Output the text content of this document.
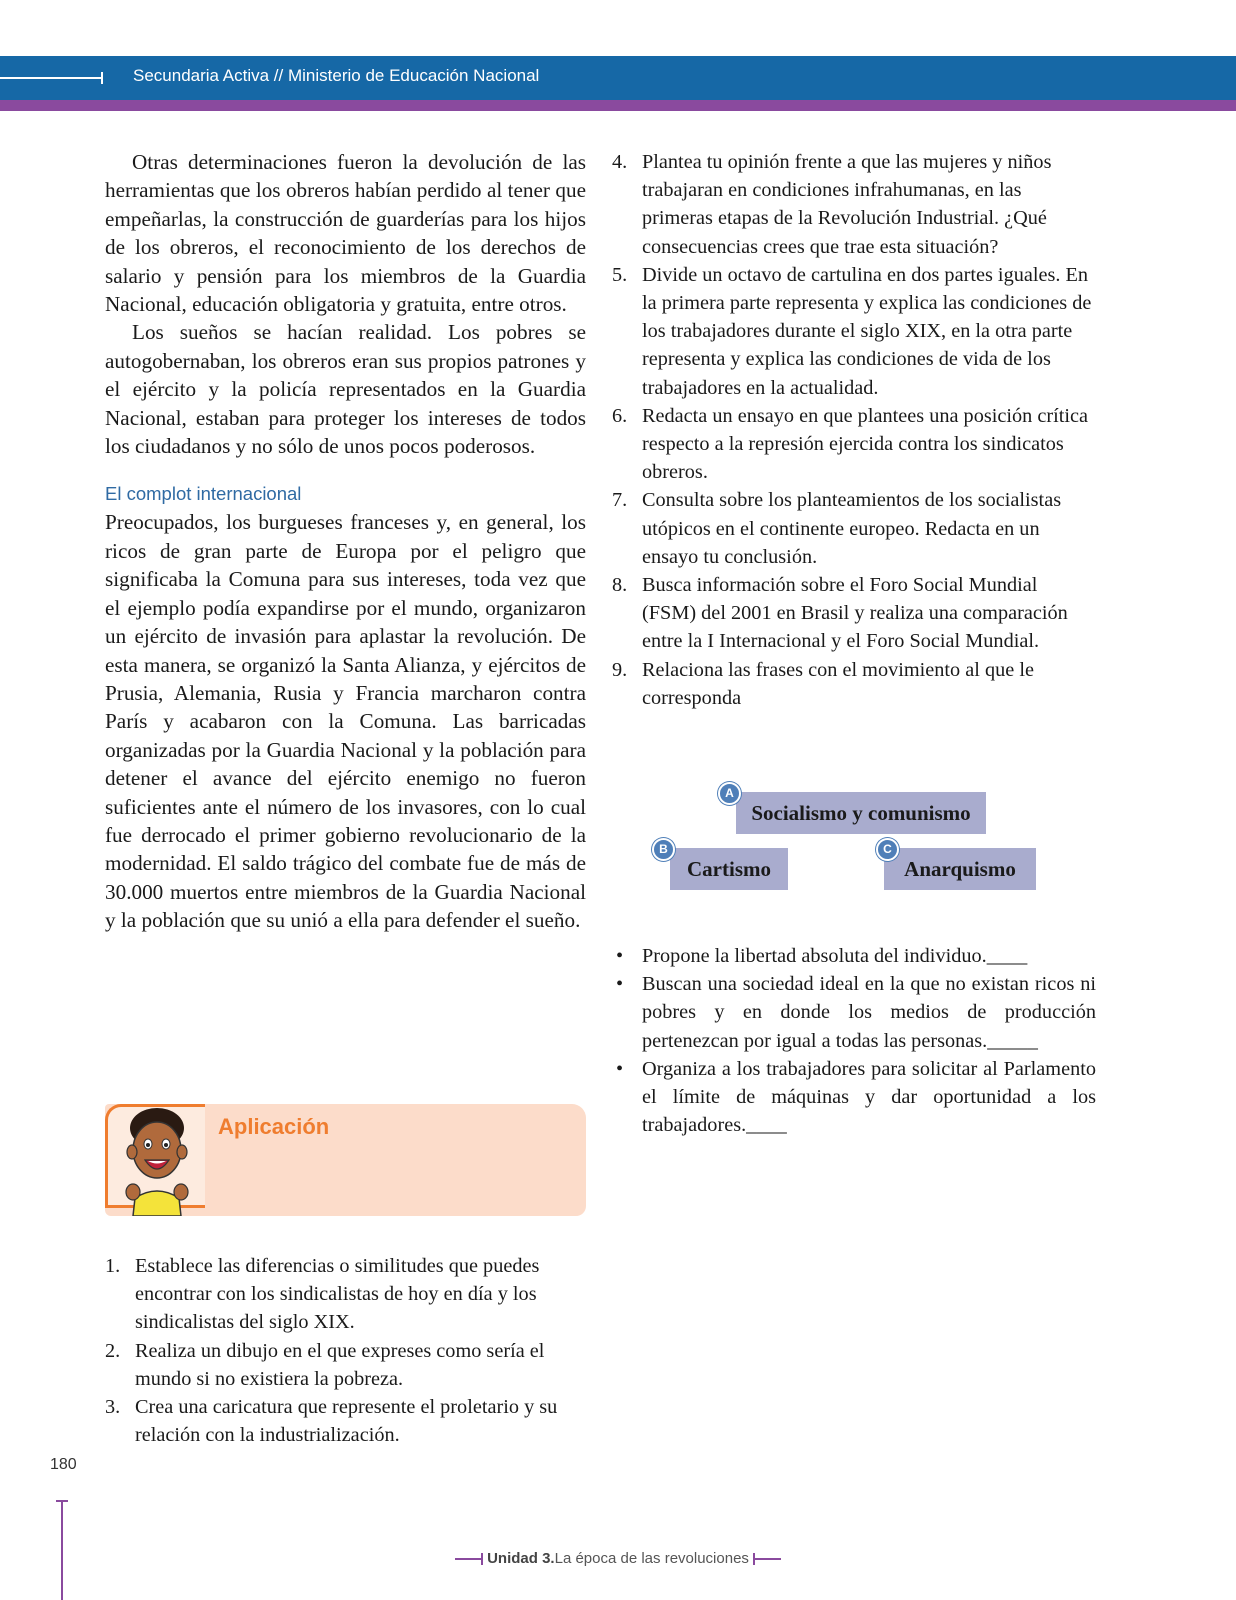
Secundaria Activa // Ministerio de Educación Nacional

Otras determinaciones fueron la devolución de las herramientas que los obreros habían perdido al tener que empeñarlas, la construcción de guarderías para los hijos de los obreros, el reconocimiento de los derechos de salario y pensión para los miembros de la Guardia Nacional, educación obligatoria y gratuita, entre otros.

Los sueños se hacían realidad. Los pobres se autogobernaban, los obreros eran sus propios patrones y el ejército y la policía representados en la Guardia Nacional, estaban para proteger los intereses de todos los ciudadanos y no sólo de unos pocos poderosos.

El complot internacional

Preocupados, los burgueses franceses y, en general, los ricos de gran parte de Europa por el peligro que significaba la Comuna para sus intereses, toda vez que el ejemplo podía expandirse por el mundo, organizaron un ejército de invasión para aplastar la revolución. De esta manera, se organizó la Santa Alianza, y ejércitos de Prusia, Alemania, Rusia y Francia marcharon contra París y acabaron con la Comuna. Las barricadas organizadas por la Guardia Nacional y la población para detener el avance del ejército enemigo no fueron suficientes ante el número de los invasores, con lo cual fue derrocado el primer gobierno revolucionario de la modernidad. El saldo trágico del combate fue de más de 30.000 muertos entre miembros de la Guardia Nacional y la población que su unió a ella para defender el sueño.

Aplicación
1. Establece las diferencias o similitudes que puedes encontrar con los sindicalistas de hoy en día y los sindicalistas del siglo XIX.
2. Realiza un dibujo en el que expreses como sería el mundo si no existiera la pobreza.
3. Crea una caricatura que represente el proletario y su relación con la industrialización.
4. Plantea tu opinión frente a que las mujeres y niños trabajaran en condiciones infrahumanas, en las primeras etapas de la Revolución Industrial. ¿Qué consecuencias crees que trae esta situación?
5. Divide un octavo de cartulina en dos partes iguales. En la primera parte representa y explica las condiciones de los trabajadores durante el siglo XIX, en la otra parte representa y explica las condiciones de vida de los trabajadores en la actualidad.
6. Redacta un ensayo en que plantees una posición crítica respecto a la represión ejercida contra los sindicatos obreros.
7. Consulta sobre los planteamientos de los socialistas utópicos en el continente europeo. Redacta en un ensayo tu conclusión.
8. Busca información sobre el Foro Social Mundial (FSM) del 2001 en Brasil y realiza una comparación entre la I Internacional y el Foro Social Mundial.
9. Relaciona las frases con el movimiento al que le corresponda
Socialismo y comunismo
A
Cartismo
B
Anarquismo
C
• Propone la libertad absoluta del individuo.____
• Buscan una sociedad ideal en la que no existan ricos ni pobres y en donde los medios de producción pertenezcan por igual a todas las personas._____
• Organiza a los trabajadores para solicitar al Parlamento el límite de máquinas y dar oportunidad a los trabajadores.____
180
Unidad 3.La época de las revoluciones
